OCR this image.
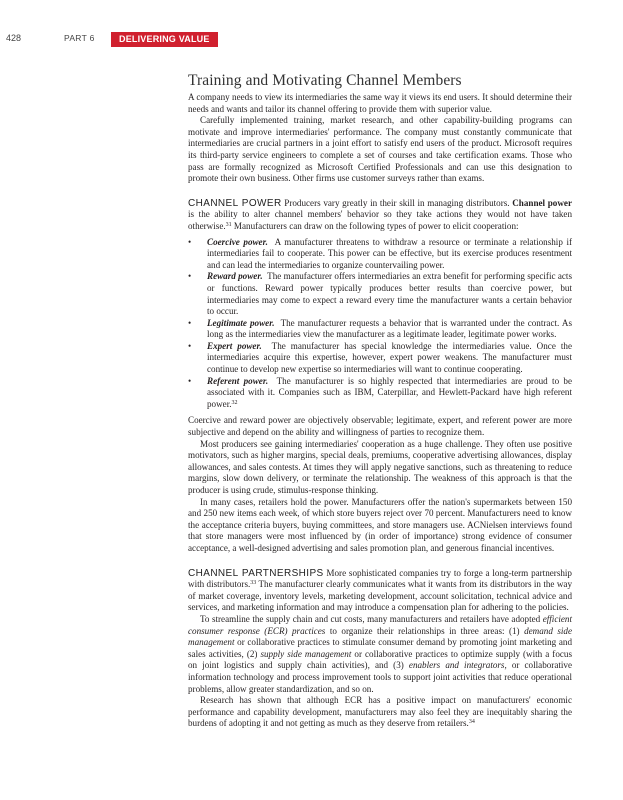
428	PART 6	DELIVERING VALUE
Training and Motivating Channel Members

A company needs to view its intermediaries the same way it views its end users. It should determine their needs and wants and tailor its channel offering to provide them with superior value.

Carefully implemented training, market research, and other capability-building programs can motivate and improve intermediaries' performance. The company must constantly communicate that intermediaries are crucial partners in a joint effort to satisfy end users of the product. Microsoft requires its third-party service engineers to complete a set of courses and take certification exams. Those who pass are formally recognized as Microsoft Certified Professionals and can use this designation to promote their own business. Other firms use customer surveys rather than exams.

CHANNEL POWER Producers vary greatly in their skill in managing distributors. Channel power is the ability to alter channel members' behavior so they take actions they would not have taken otherwise.$^{31}$ Manufacturers can draw on the following types of power to elicit cooperation:

• Coercive power. A manufacturer threatens to withdraw a resource or terminate a relationship if intermediaries fail to cooperate. This power can be effective, but its exercise produces resentment and can lead the intermediaries to organize countervailing power.
• Reward power. The manufacturer offers intermediaries an extra benefit for performing specific acts or functions. Reward power typically produces better results than coercive power, but intermediaries may come to expect a reward every time the manufacturer wants a certain behavior to occur.
• Legitimate power. The manufacturer requests a behavior that is warranted under the contract. As long as the intermediaries view the manufacturer as a legitimate leader, legitimate power works.
• Expert power. The manufacturer has special knowledge the intermediaries value. Once the intermediaries acquire this expertise, however, expert power weakens. The manufacturer must continue to develop new expertise so intermediaries will want to continue cooperating.
• Referent power. The manufacturer is so highly respected that intermediaries are proud to be associated with it. Companies such as IBM, Caterpillar, and Hewlett-Packard have high referent power.$^{32}$

Coercive and reward power are objectively observable; legitimate, expert, and referent power are more subjective and depend on the ability and willingness of parties to recognize them.

Most producers see gaining intermediaries' cooperation as a huge challenge. They often use positive motivators, such as higher margins, special deals, premiums, cooperative advertising allowances, display allowances, and sales contests. At times they will apply negative sanctions, such as threatening to reduce margins, slow down delivery, or terminate the relationship. The weakness of this approach is that the producer is using crude, stimulus-response thinking.

In many cases, retailers hold the power. Manufacturers offer the nation's supermarkets between 150 and 250 new items each week, of which store buyers reject over 70 percent. Manufacturers need to know the acceptance criteria buyers, buying committees, and store managers use. ACNielsen interviews found that store managers were most influenced by (in order of importance) strong evidence of consumer acceptance, a well-designed advertising and sales promotion plan, and generous financial incentives.

CHANNEL PARTNERSHIPS More sophisticated companies try to forge a long-term partnership with distributors.$^{33}$ The manufacturer clearly communicates what it wants from its distributors in the way of market coverage, inventory levels, marketing development, account solicitation, technical advice and services, and marketing information and may introduce a compensation plan for adhering to the policies.

To streamline the supply chain and cut costs, many manufacturers and retailers have adopted efficient consumer response (ECR) practices to organize their relationships in three areas: (1) demand side management or collaborative practices to stimulate consumer demand by promoting joint marketing and sales activities, (2) supply side management or collaborative practices to optimize supply (with a focus on joint logistics and supply chain activities), and (3) enablers and integrators, or collaborative information technology and process improvement tools to support joint activities that reduce operational problems, allow greater standardization, and so on.

Research has shown that although ECR has a positive impact on manufacturers' economic performance and capability development, manufacturers may also feel they are inequitably sharing the burdens of adopting it and not getting as much as they deserve from retailers.$^{34}$
